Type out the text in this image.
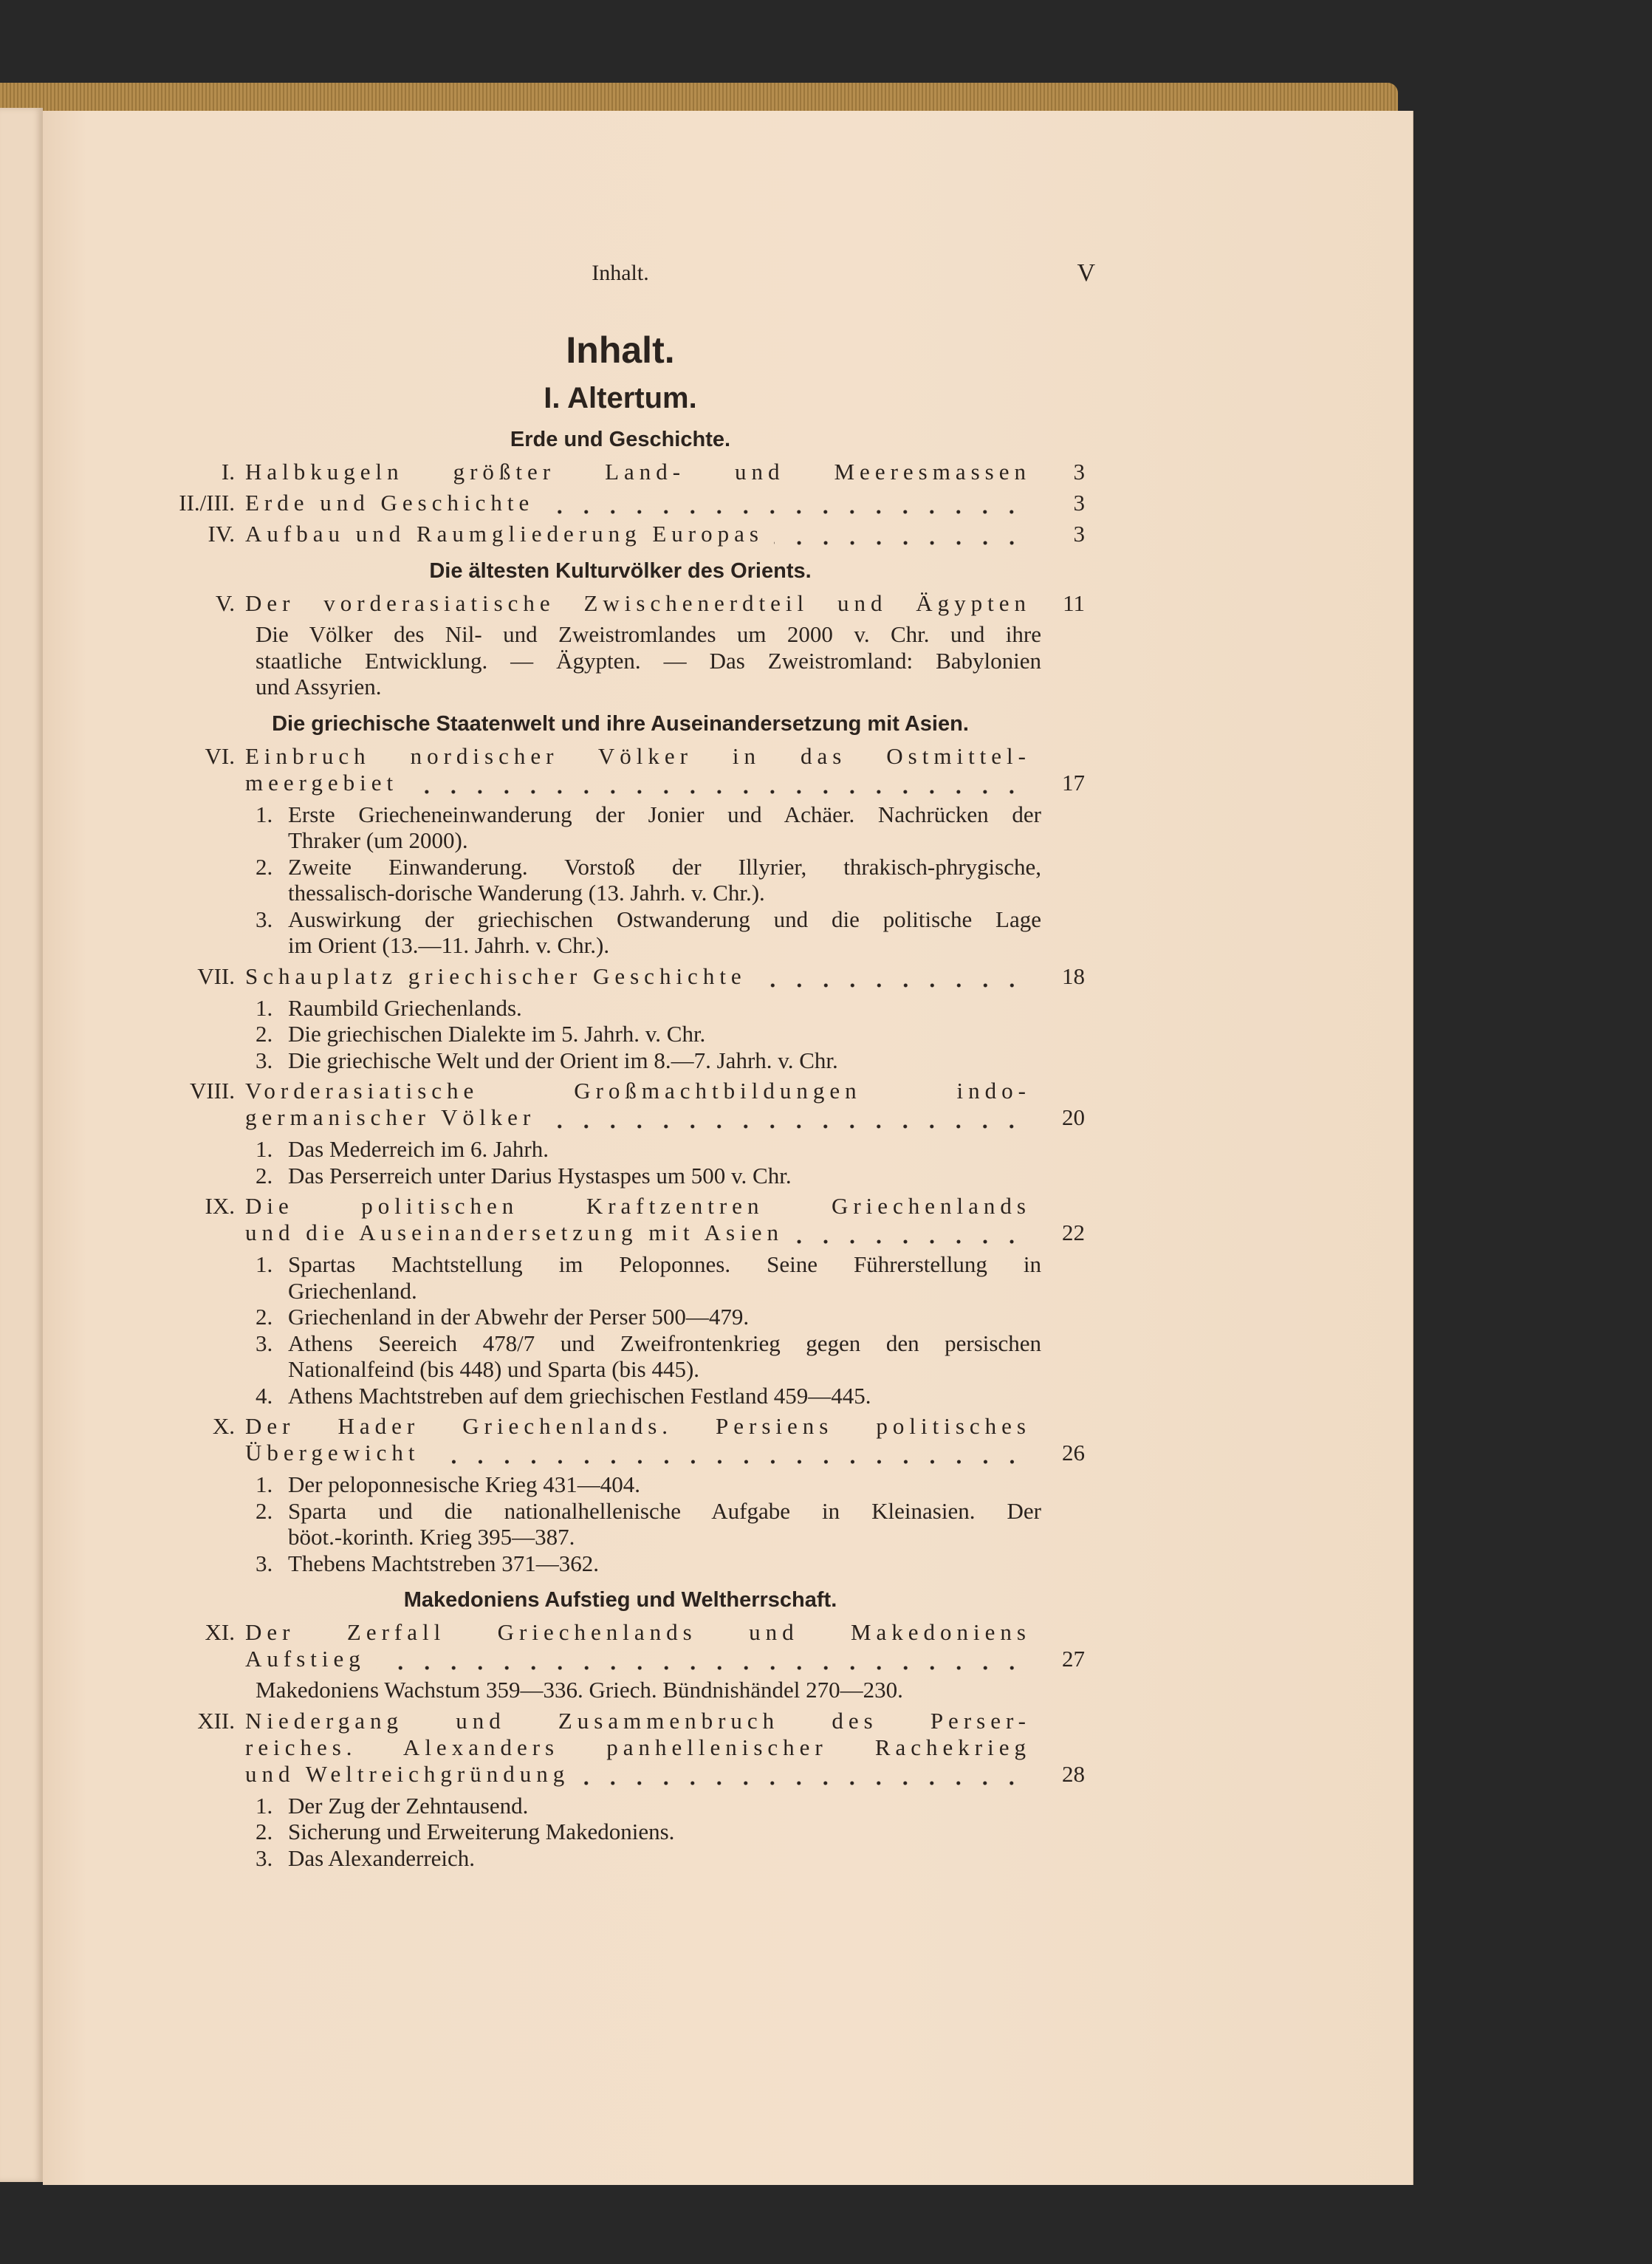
Inhalt.	V
Inhalt.
I. Altertum.
Erde und Geschichte.
I. Halbkugeln größter Land- und Meeresmassen	3
II./III. Erde und Geschichte	3
IV. Aufbau und Raumgliederung Europas	3
Die ältesten Kulturvölker des Orients.
V. Der vorderasiatische Zwischenerdteil und Ägypten	11
Die Völker des Nil- und Zweistromlandes um 2000 v. Chr. und ihre
staatliche Entwicklung. — Ägypten. — Das Zweistromland: Babylonien
und Assyrien.
Die griechische Staatenwelt und ihre Auseinandersetzung mit Asien.
VI. Einbruch nordischer Völker in das Ostmittel-
meergebiet	17
1. Erste Griecheneinwanderung der Jonier und Achäer. Nachrücken der
Thraker (um 2000).
2. Zweite Einwanderung. Vorstoß der Illyrier, thrakisch-phrygische,
thessalisch-dorische Wanderung (13. Jahrh. v. Chr.).
3. Auswirkung der griechischen Ostwanderung und die politische Lage
im Orient (13.—11. Jahrh. v. Chr.).
VII. Schauplatz griechischer Geschichte	18
1. Raumbild Griechenlands.
2. Die griechischen Dialekte im 5. Jahrh. v. Chr.
3. Die griechische Welt und der Orient im 8.—7. Jahrh. v. Chr.
VIII. Vorderasiatische Großmachtbildungen indo-
germanischer Völker	20
1. Das Mederreich im 6. Jahrh.
2. Das Perserreich unter Darius Hystaspes um 500 v. Chr.
IX. Die politischen Kraftzentren Griechenlands
und die Auseinandersetzung mit Asien	22
1. Spartas Machtstellung im Peloponnes. Seine Führerstellung in
Griechenland.
2. Griechenland in der Abwehr der Perser 500—479.
3. Athens Seereich 478/7 und Zweifrontenkrieg gegen den persischen
Nationalfeind (bis 448) und Sparta (bis 445).
4. Athens Machtstreben auf dem griechischen Festland 459—445.
X. Der Hader Griechenlands. Persiens politisches
Übergewicht	26
1. Der peloponnesische Krieg 431—404.
2. Sparta und die nationalhellenische Aufgabe in Kleinasien. Der
böot.-korinth. Krieg 395—387.
3. Thebens Machtstreben 371—362.
Makedoniens Aufstieg und Weltherrschaft.
XI. Der Zerfall Griechenlands und Makedoniens
Aufstieg	27
Makedoniens Wachstum 359—336. Griech. Bündnishändel 270—230.
XII. Niedergang und Zusammenbruch des Perser-
reiches. Alexanders panhellenischer Rachekrieg
und Weltreichgründung	28
1. Der Zug der Zehntausend.
2. Sicherung und Erweiterung Makedoniens.
3. Das Alexanderreich.
